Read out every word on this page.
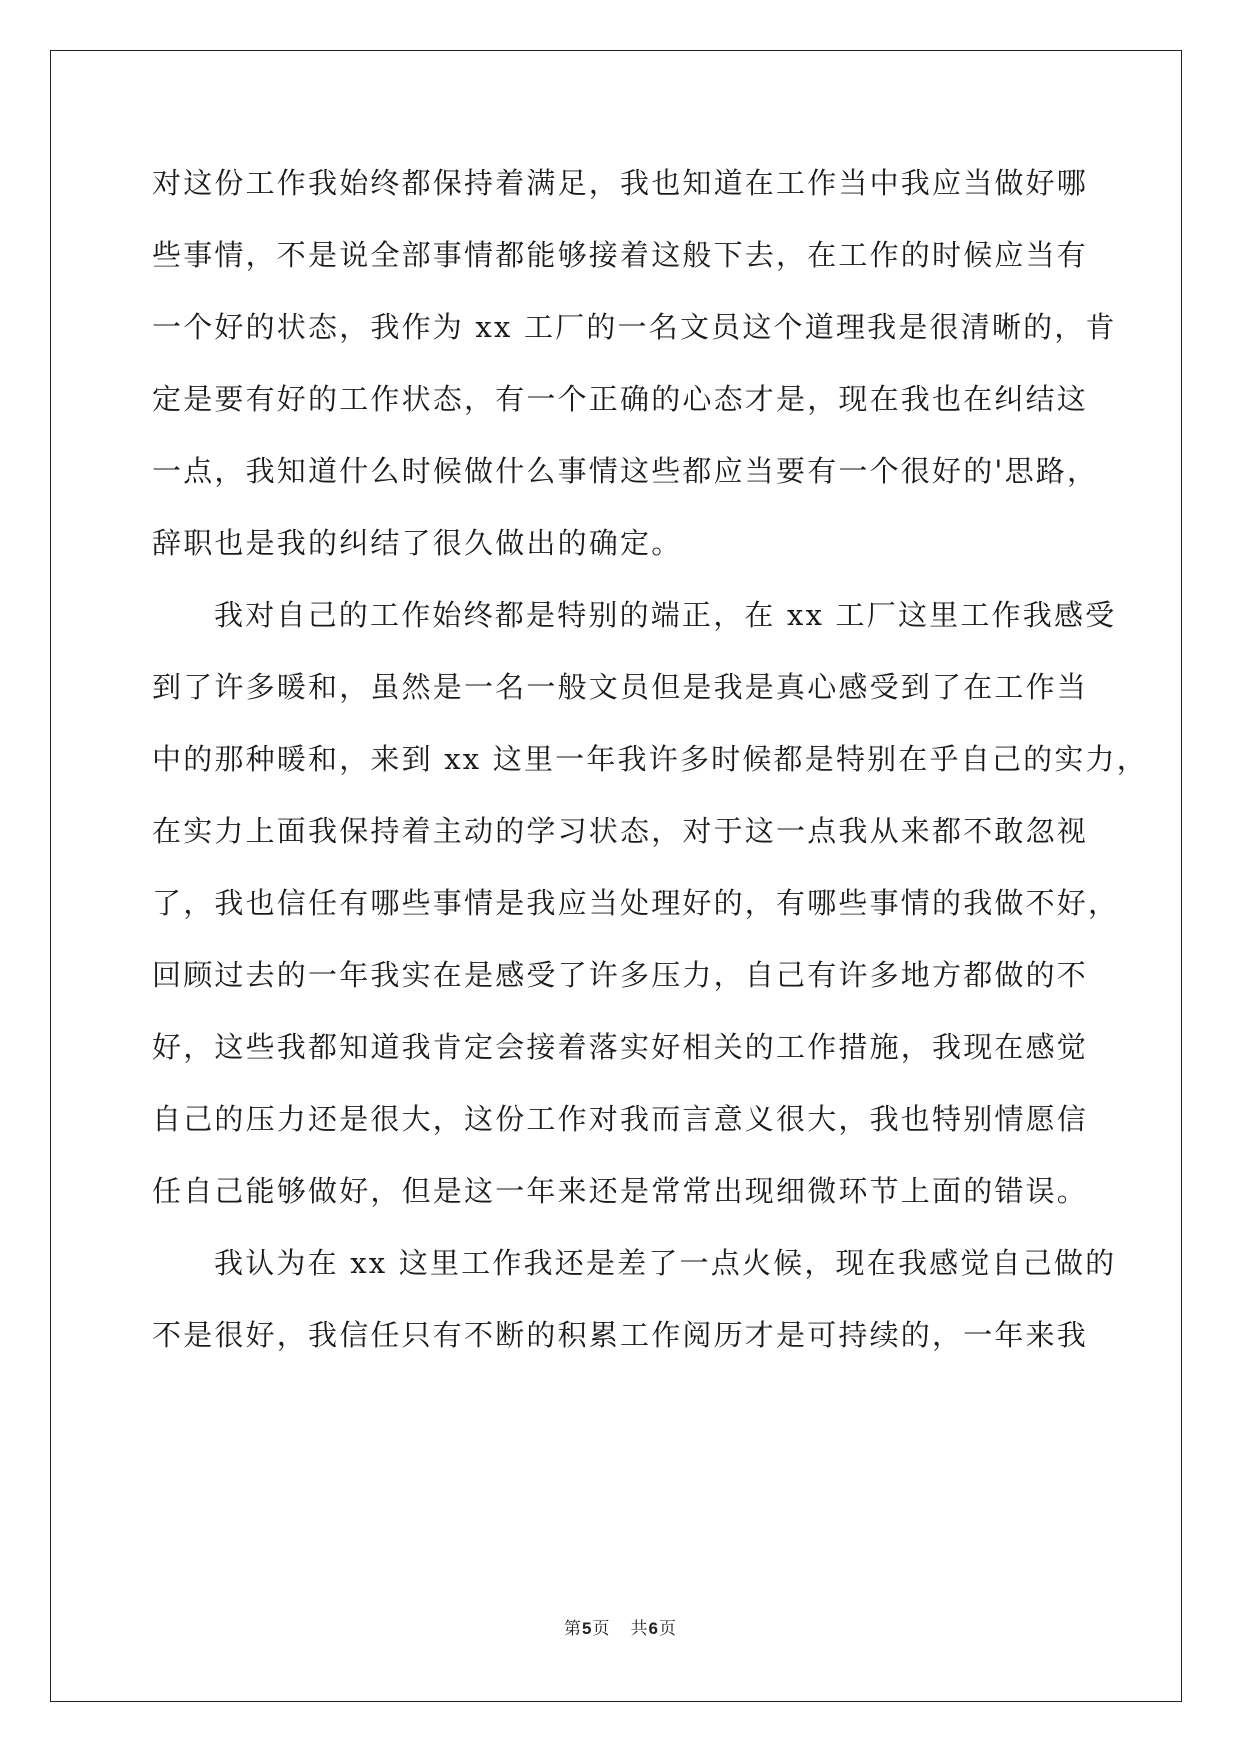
对这份工作我始终都保持着满足，我也知道在工作当中我应当做好哪
些事情，不是说全部事情都能够接着这般下去，在工作的时候应当有
一个好的状态，我作为 xx 工厂的一名文员这个道理我是很清晰的，肯
定是要有好的工作状态，有一个正确的心态才是，现在我也在纠结这
一点，我知道什么时候做什么事情这些都应当要有一个很好的'思路，
辞职也是我的纠结了很久做出的确定。
我对自己的工作始终都是特别的端正，在 xx 工厂这里工作我感受
到了许多暖和，虽然是一名一般文员但是我是真心感受到了在工作当
中的那种暖和，来到 xx 这里一年我许多时候都是特别在乎自己的实力，
在实力上面我保持着主动的学习状态，对于这一点我从来都不敢忽视
了，我也信任有哪些事情是我应当处理好的，有哪些事情的我做不好，
回顾过去的一年我实在是感受了许多压力，自己有许多地方都做的不
好，这些我都知道我肯定会接着落实好相关的工作措施，我现在感觉
自己的压力还是很大，这份工作对我而言意义很大，我也特别情愿信
任自己能够做好，但是这一年来还是常常出现细微环节上面的错误。
我认为在 xx 这里工作我还是差了一点火候，现在我感觉自己做的
不是很好，我信任只有不断的积累工作阅历才是可持续的，一年来我
第5页 共6页
